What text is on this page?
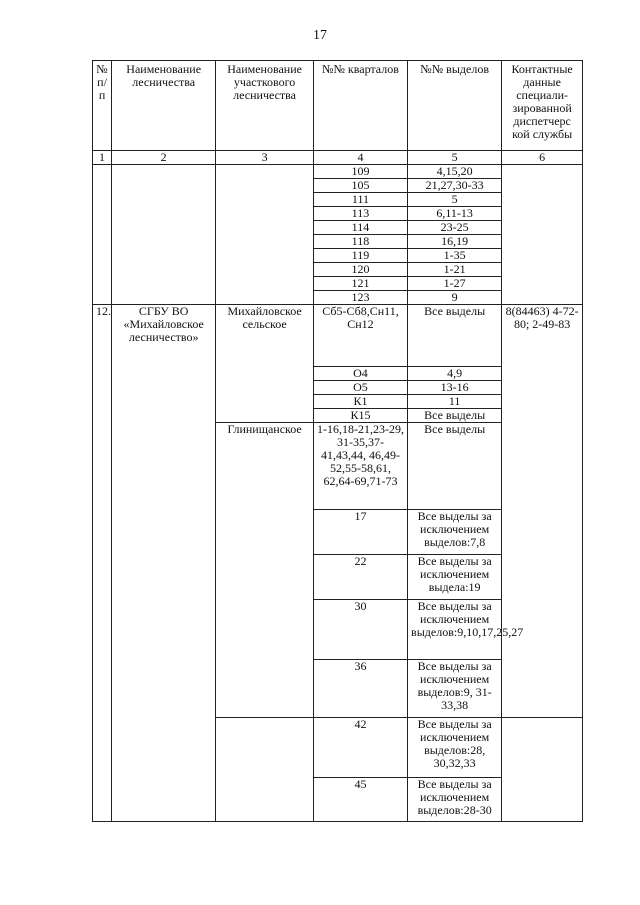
17
№ п/п	Наименование лесничества	Наименование участкового лесничества	№№ кварталов	№№ выделов	Контактные данные специали-зированной диспетчерс кой службы
1	2	3	4	5	6
			109	4,15,20	
			105	21,27,30-33	
			111	5	
			113	6,11-13	
			114	23-25	
			118	16,19	
			119	1-35	
			120	1-21	
			121	1-27	
			123	9	
12.	СГБУ ВО «Михайловское лесничество»	Михайловское сельское	Сб5-Сб8,Сн11, Сн12	Все выделы	8(84463) 4-72-80; 2-49-83
			О4	4,9	
			О5	13-16	
			К1	11	
			К15	Все выделы	
		Глинищанское	1-16,18-21,23-29, 31-35,37-41,43,44, 46,49-52,55-58,61, 62,64-69,71-73	Все выделы	
			17	Все выделы за исключением выделов:7,8	
			22	Все выделы за исключением выдела:19	
			30	Все выделы за исключением выделов:9,10,17,25,27	
			36	Все выделы за исключением выделов:9, 31-33,38	
			42	Все выделы за исключением выделов:28, 30,32,33	
			45	Все выделы за исключением выделов:28-30	
